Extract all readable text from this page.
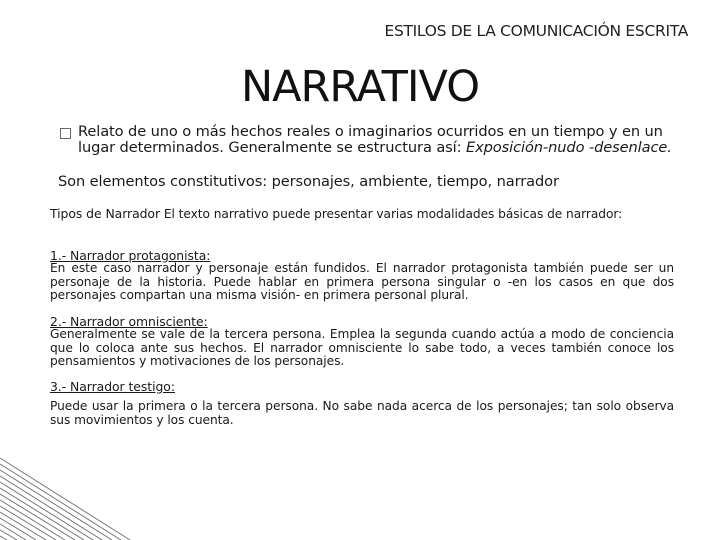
ESTILOS DE LA COMUNICACIÓN ESCRITA
NARRATIVO
Relato de uno o más hechos reales o imaginarios ocurridos en un tiempo y en un lugar determinados. Generalmente se estructura así: Exposición-nudo -desenlace.
Son elementos constitutivos: personajes, ambiente, tiempo, narrador
Tipos de Narrador El texto narrativo puede presentar varias modalidades básicas de narrador:
1.- Narrador protagonista:
En este caso narrador y personaje están fundidos. El narrador protagonista también puede ser un personaje de la historia. Puede hablar en primera persona singular o -en los casos en que dos personajes compartan una misma visión- en primera personal plural.
2.- Narrador omnisciente:
Generalmente se vale de la tercera persona. Emplea la segunda cuando actúa a modo de conciencia que lo coloca ante sus hechos. El narrador omnisciente lo sabe todo, a veces también conoce los pensamientos y motivaciones de los personajes.
3.- Narrador testigo:
Puede usar la primera o la tercera persona. No sabe nada acerca de los personajes; tan solo observa sus movimientos y los cuenta.
